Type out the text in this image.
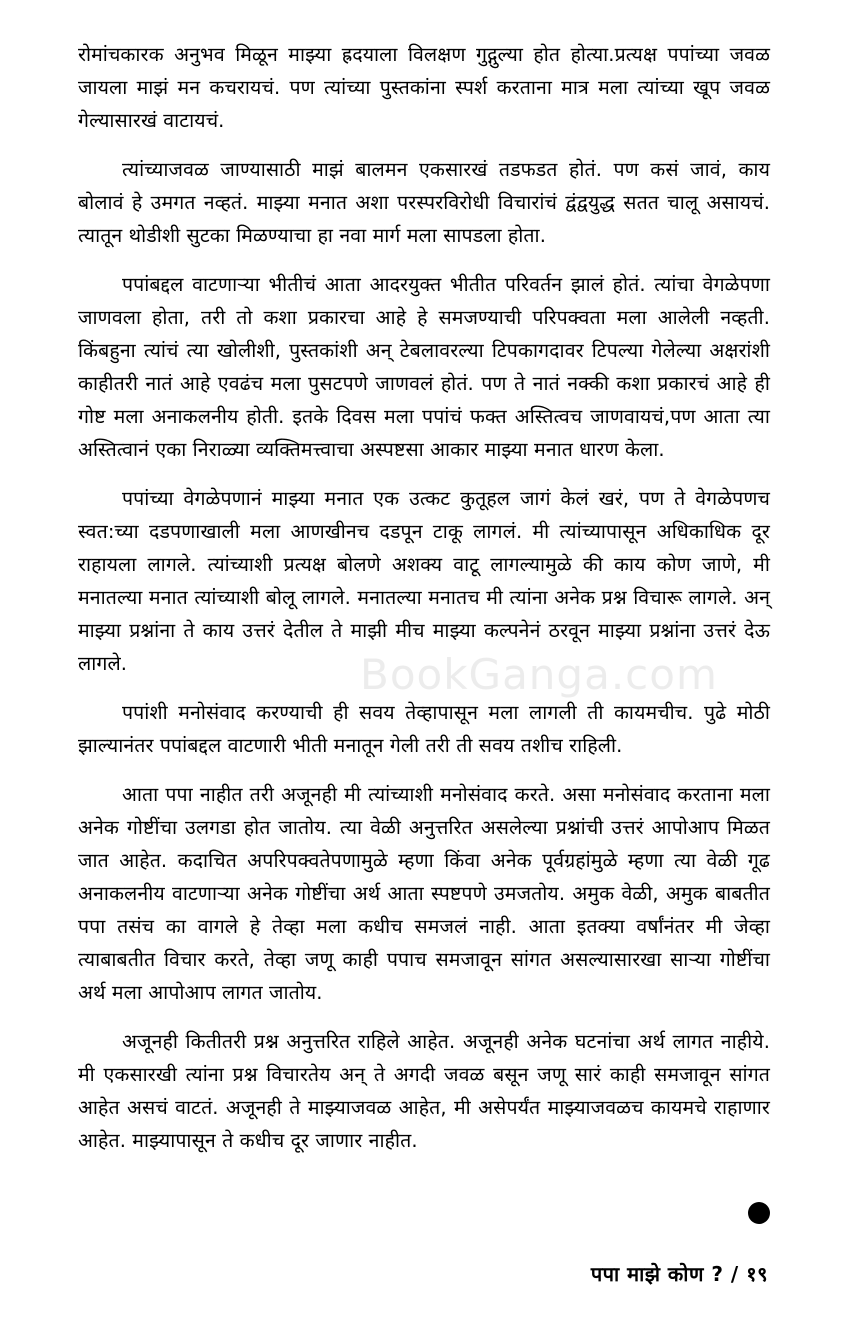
रोमांचकारक अनुभव मिळून माझ्या ह्रदयाला विलक्षण गुद्गुल्या होत होत्या.प्रत्यक्ष पपांच्या जवळ जायला माझं मन कचरायचं. पण त्यांच्या पुस्तकांना स्पर्श करताना मात्र मला त्यांच्या खूप जवळ गेल्यासारखं वाटायचं.

त्यांच्याजवळ जाण्यासाठी माझं बालमन एकसारखं तडफडत होतं. पण कसं जावं, काय बोलावं हे उमगत नव्हतं. माझ्या मनात अशा परस्परविरोधी विचारांचं द्वंद्वयुद्ध सतत चालू असायचं. त्यातून थोडीशी सुटका मिळण्याचा हा नवा मार्ग मला सापडला होता.

पपांबद्दल वाटणाऱ्या भीतीचं आता आदरयुक्त भीतीत परिवर्तन झालं होतं. त्यांचा वेगळेपणा जाणवला होता, तरी तो कशा प्रकारचा आहे हे समजण्याची परिपक्वता मला आलेली नव्हती. किंबहुना त्यांचं त्या खोलीशी, पुस्तकांशी अन् टेबलावरल्या टिपकागदावर टिपल्या गेलेल्या अक्षरांशी काहीतरी नातं आहे एवढंच मला पुसटपणे जाणवलं होतं. पण ते नातं नक्की कशा प्रकारचं आहे ही गोष्ट मला अनाकलनीय होती. इतके दिवस मला पपांचं फक्त अस्तित्वच जाणवायचं,पण आता त्या अस्तित्वानं एका निराळ्या व्यक्तिमत्त्वाचा अस्पष्टसा आकार माझ्या मनात धारण केला.

पपांच्या वेगळेपणानं माझ्या मनात एक उत्कट कुतूहल जागं केलं खरं, पण ते वेगळेपणच स्वत:च्या दडपणाखाली मला आणखीनच दडपून टाकू लागलं. मी त्यांच्यापासून अधिकाधिक दूर राहायला लागले. त्यांच्याशी प्रत्यक्ष बोलणे अशक्य वाटू लागल्यामुळे की काय कोण जाणे, मी मनातल्या मनात त्यांच्याशी बोलू लागले. मनातल्या मनातच मी त्यांना अनेक प्रश्न विचारू लागले. अन् माझ्या प्रश्नांना ते काय उत्तरं देतील ते माझी मीच माझ्या कल्पनेनं ठरवून माझ्या प्रश्नांना उत्तरं देऊ लागले.

पपांशी मनोसंवाद करण्याची ही सवय तेव्हापासून मला लागली ती कायमचीच. पुढे मोठी झाल्यानंतर पपांबद्दल वाटणारी भीती मनातून गेली तरी ती सवय तशीच राहिली.

आता पपा नाहीत तरी अजूनही मी त्यांच्याशी मनोसंवाद करते. असा मनोसंवाद करताना मला अनेक गोष्टींचा उलगडा होत जातोय. त्या वेळी अनुत्तरित असलेल्या प्रश्नांची उत्तरं आपोआप मिळत जात आहेत. कदाचित अपरिपक्वतेपणामुळे म्हणा किंवा अनेक पूर्वग्रहांमुळे म्हणा त्या वेळी गूढ अनाकलनीय वाटणाऱ्या अनेक गोष्टींचा अर्थ आता स्पष्टपणे उमजतोय. अमुक वेळी, अमुक बाबतीत पपा तसंच का वागले हे तेव्हा मला कधीच समजलं नाही. आता इतक्या वर्षांनंतर मी जेव्हा त्याबाबतीत विचार करते, तेव्हा जणू काही पपाच समजावून सांगत असल्यासारखा साऱ्या गोष्टींचा अर्थ मला आपोआप लागत जातोय.

अजूनही कितीतरी प्रश्न अनुत्तरित राहिले आहेत. अजूनही अनेक घटनांचा अर्थ लागत नाहीये. मी एकसारखी त्यांना प्रश्न विचारतेय अन् ते अगदी जवळ बसून जणू सारं काही समजावून सांगत आहेत असचं वाटतं. अजूनही ते माझ्याजवळ आहेत, मी असेपर्यंत माझ्याजवळच कायमचे राहाणार आहेत. माझ्यापासून ते कधीच दूर जाणार नाहीत.

BookGanga.com
पपा माझे कोण ? / १९
